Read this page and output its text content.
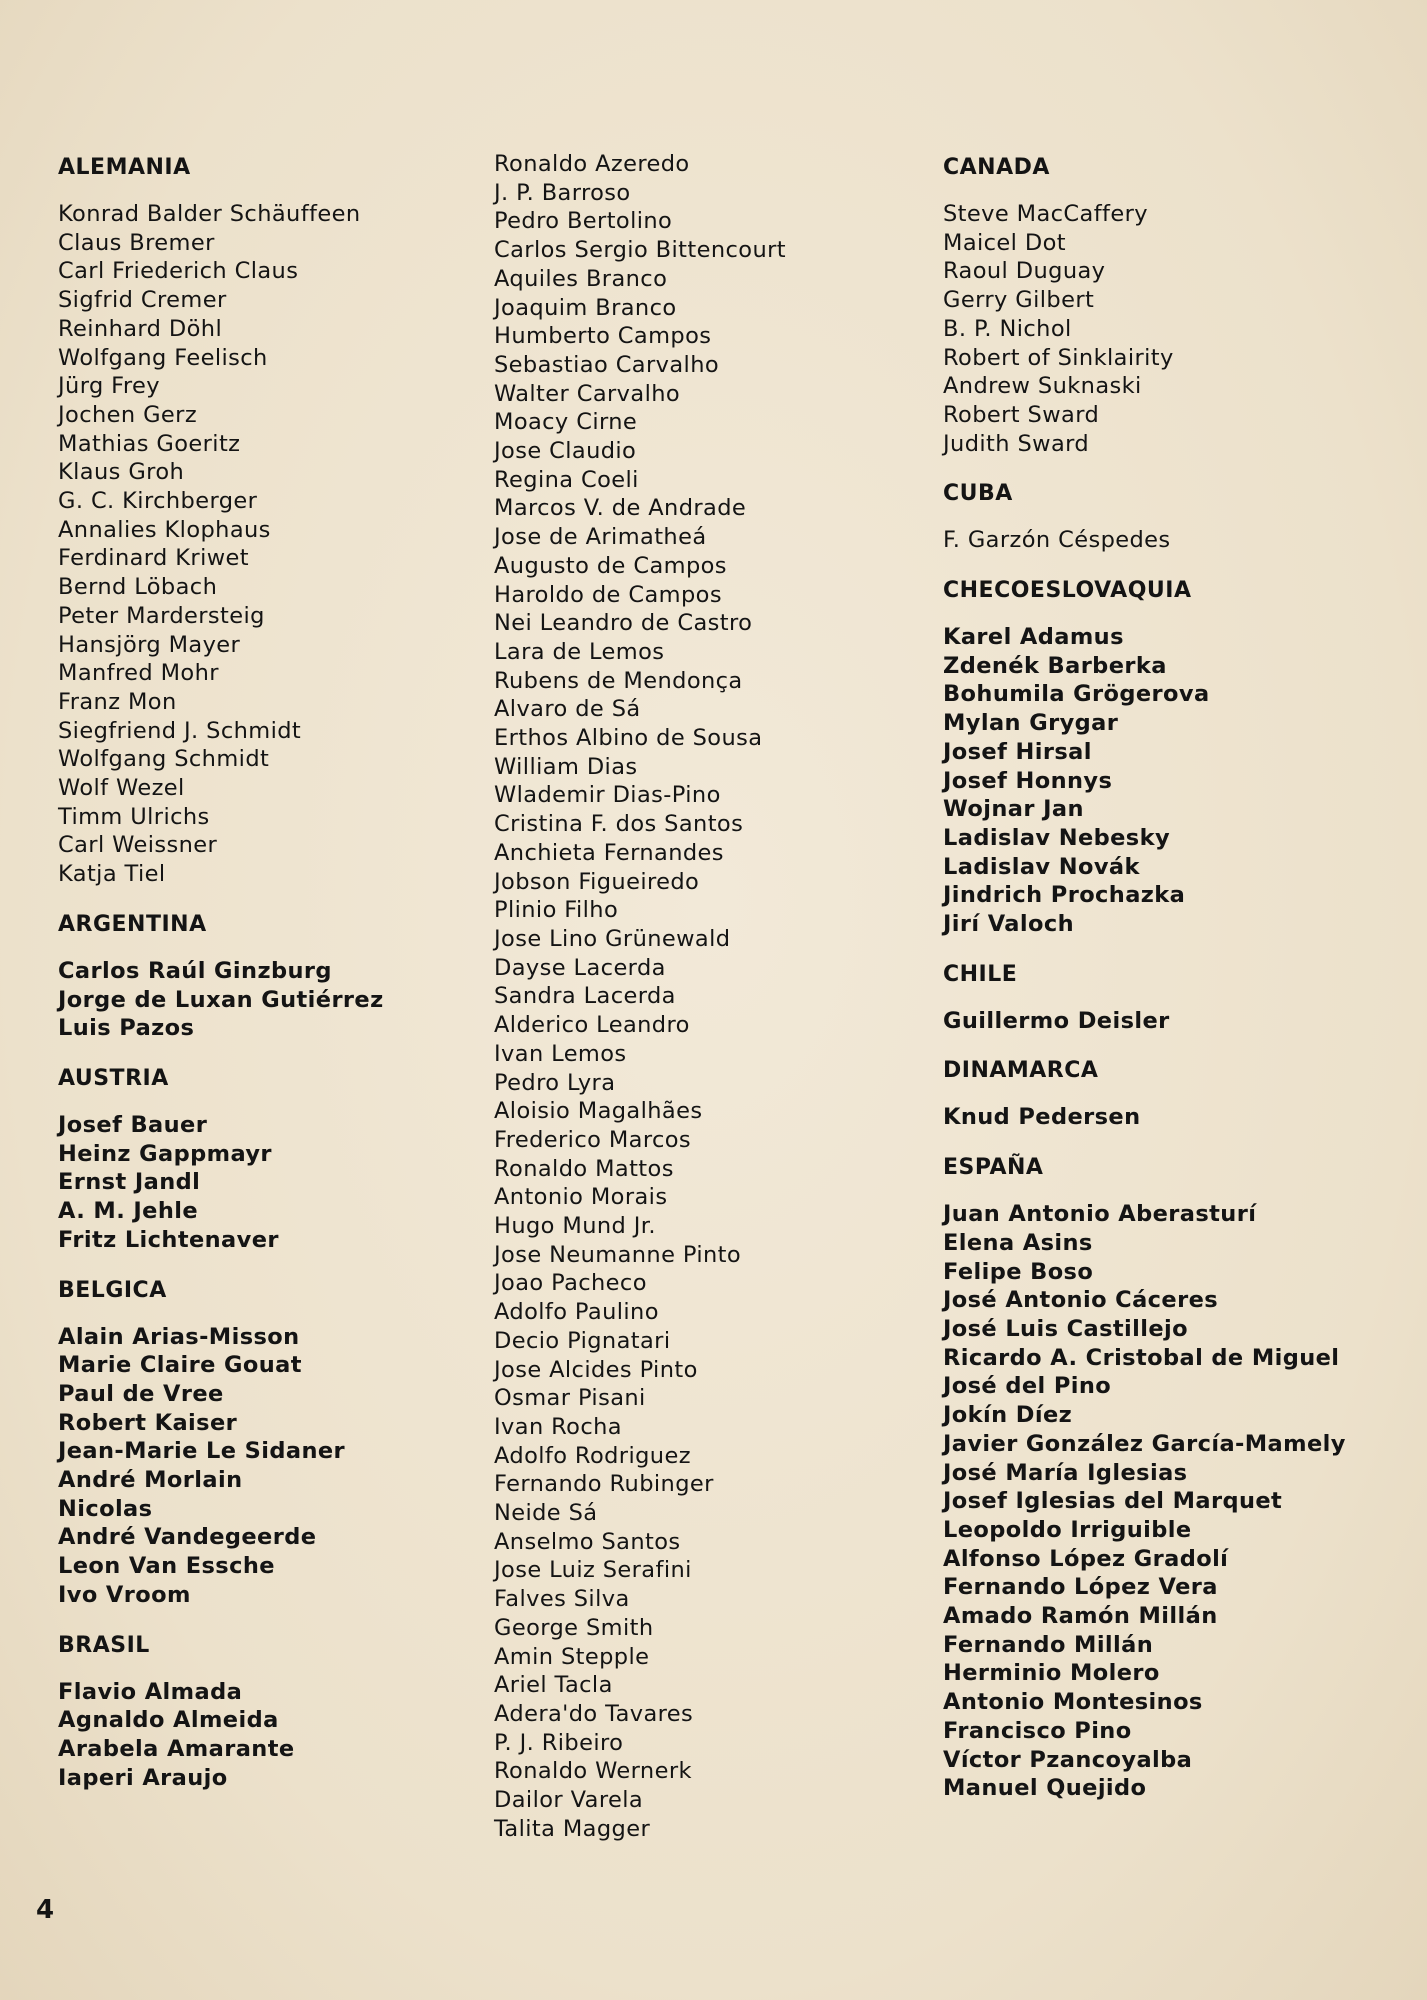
ALEMANIA
Konrad Balder Schäuffeen
Claus Bremer
Carl Friederich Claus
Sigfrid Cremer
Reinhard Döhl
Wolfgang Feelisch
Jürg Frey
Jochen Gerz
Mathias Goeritz
Klaus Groh
G. C. Kirchberger
Annalies Klophaus
Ferdinard Kriwet
Bernd Löbach
Peter Mardersteig
Hansjörg Mayer
Manfred Mohr
Franz Mon
Siegfriend J. Schmidt
Wolfgang Schmidt
Wolf Wezel
Timm Ulrichs
Carl Weissner
Katja Tiel
ARGENTINA
Carlos Raúl Ginzburg
Jorge de Luxan Gutiérrez
Luis Pazos
AUSTRIA
Josef Bauer
Heinz Gappmayr
Ernst Jandl
A. M. Jehle
Fritz Lichtenaver
BELGICA
Alain Arias-Misson
Marie Claire Gouat
Paul de Vree
Robert Kaiser
Jean-Marie Le Sidaner
André Morlain
Nicolas
André Vandegeerde
Leon Van Essche
Ivo Vroom
BRASIL
Flavio Almada
Agnaldo Almeida
Arabela Amarante
Iaperi Araujo
Ronaldo Azeredo
J. P. Barroso
Pedro Bertolino
Carlos Sergio Bittencourt
Aquiles Branco
Joaquim Branco
Humberto Campos
Sebastiao Carvalho
Walter Carvalho
Moacy Cirne
Jose Claudio
Regina Coeli
Marcos V. de Andrade
Jose de Arimatheá
Augusto de Campos
Haroldo de Campos
Nei Leandro de Castro
Lara de Lemos
Rubens de Mendonça
Alvaro de Sá
Erthos Albino de Sousa
William Dias
Wlademir Dias-Pino
Cristina F. dos Santos
Anchieta Fernandes
Jobson Figueiredo
Plinio Filho
Jose Lino Grünewald
Dayse Lacerda
Sandra Lacerda
Alderico Leandro
Ivan Lemos
Pedro Lyra
Aloisio Magalhães
Frederico Marcos
Ronaldo Mattos
Antonio Morais
Hugo Mund Jr.
Jose Neumanne Pinto
Joao Pacheco
Adolfo Paulino
Decio Pignatari
Jose Alcides Pinto
Osmar Pisani
Ivan Rocha
Adolfo Rodriguez
Fernando Rubinger
Neide Sá
Anselmo Santos
Jose Luiz Serafini
Falves Silva
George Smith
Amin Stepple
Ariel Tacla
Adera'do Tavares
P. J. Ribeiro
Ronaldo Wernerk
Dailor Varela
Talita Magger
CANADA
Steve MacCaffery
Maicel Dot
Raoul Duguay
Gerry Gilbert
B. P. Nichol
Robert of Sinklairity
Andrew Suknaski
Robert Sward
Judith Sward
CUBA
F. Garzón Céspedes
CHECOESLOVAQUIA
Karel Adamus
Zdenék Barberka
Bohumila Grögerova
Mylan Grygar
Josef Hirsal
Josef Honnys
Wojnar Jan
Ladislav Nebesky
Ladislav Novák
Jindrich Prochazka
Jirí Valoch
CHILE
Guillermo Deisler
DINAMARCA
Knud Pedersen
ESPAÑA
Juan Antonio Aberasturí
Elena Asins
Felipe Boso
José Antonio Cáceres
José Luis Castillejo
Ricardo A. Cristobal de Miguel
José del Pino
Jokín Díez
Javier González García-Mamely
José María Iglesias
Josef Iglesias del Marquet
Leopoldo Irriguible
Alfonso López Gradolí
Fernando López Vera
Amado Ramón Millán
Fernando Millán
Herminio Molero
Antonio Montesinos
Francisco Pino
Víctor Pzancoyalba
Manuel Quejido
4
